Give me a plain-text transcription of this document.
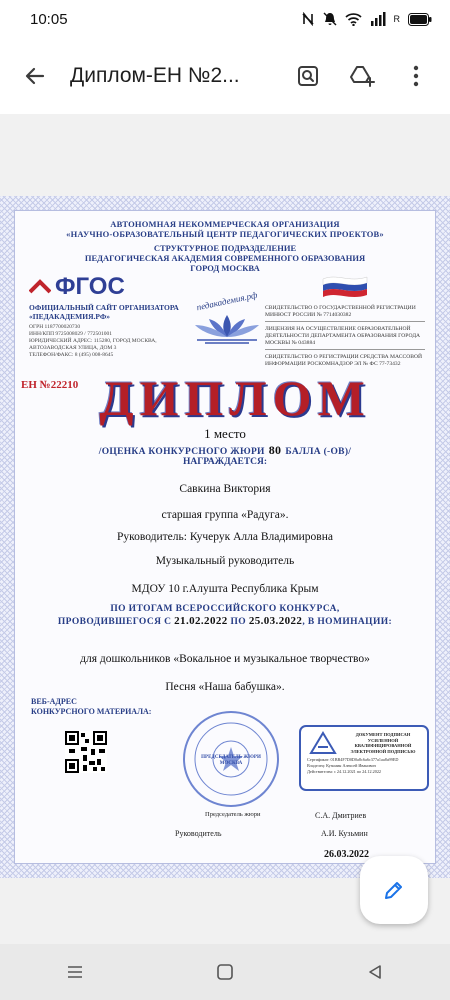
10:05	R
Диплом-ЕН №2...
АВТОНОМНАЯ НЕКОММЕРЧЕСКАЯ ОРГАНИЗАЦИЯ
«НАУЧНО-ОБРАЗОВАТЕЛЬНЫЙ ЦЕНТР ПЕДАГОГИЧЕСКИХ ПРОЕКТОВ»
СТРУКТУРНОЕ ПОДРАЗДЕЛЕНИЕ
ПЕДАГОГИЧЕСКАЯ АКАДЕМИЯ СОВРЕМЕННОГО ОБРАЗОВАНИЯ
ГОРОД МОСКВА
ФГОС
ОФИЦИАЛЬНЫЙ САЙТ ОРГАНИЗАТОРА
«ПЕДАКАДЕМИЯ.РФ»
ОГРН 1187700020730
ИНН/КПП 9725008029 / 772501001
ЮРИДИЧЕСКИЙ АДРЕС: 115280, ГОРОД МОСКВА,
АВТОЗАВОДСКАЯ УЛИЦА, ДОМ 3
ТЕЛЕФОН/ФАКС: 8 (495) 008-8645
педакадемия.рф	СВИДЕТЕЛЬСТВО О ГОСУДАРСТВЕННОЙ РЕГИСТРАЦИИ МИНЮСТ РОССИИ № 7714030382
ЛИЦЕНЗИЯ НА ОСУЩЕСТВЛЕНИЕ ОБРАЗОВАТЕЛЬНОЙ ДЕЯТЕЛЬНОСТИ ДЕПАРТАМЕНТА ОБРАЗОВАНИЯ ГОРОДА МОСКВЫ № 043884
СВИДЕТЕЛЬСТВО О РЕГИСТРАЦИИ СРЕДСТВА МАССОВОЙ ИНФОРМАЦИИ РОСКОМНАДЗОР ЭЛ № ФС 77-73432
ЕН №22210 ДИПЛОМ
1 место
/ОЦЕНКА КОНКУРСНОГО ЖЮРИ 80 БАЛЛА (-ОВ)/
НАГРАЖДАЕТСЯ:
Савкина Виктория
старшая группа «Радуга».
Руководитель: Кучерук Алла Владимировна
Музыкальный руководитель
МДОУ 10 г.Алушта Республика Крым
ПО ИТОГАМ ВСЕРОССИЙСКОГО КОНКУРСА,
ПРОВОДИВШЕГОСЯ С 21.02.2022 ПО 25.03.2022, В НОМИНАЦИИ:
для дошкольников «Вокальное и музыкальное творчество»
Песня «Наша бабушка».
ВЕБ-АДРЕС
КОНКУРСНОГО МАТЕРИАЛА:
ПРЕДСЕДАТЕЛЬ ЖЮРИ
МОСКВА
ДОКУМЕНТ ПОДПИСАН УСИЛЕННОЙ КВАЛИФИЦИРОВАННОЙ ЭЛЕКТРОННОЙ ПОДПИСЬЮ
Сертификат: 01BB4F7D0D0a8c6a6c377a1aa8a99ED
Владелец: Кузьмин Алексей Иванович
Действителен: с 24.12.2021 по 24.12.2022
Председатель жюри	С.А. Дмитриев
Руководитель	А.И. Кузьмин
26.03.2022
